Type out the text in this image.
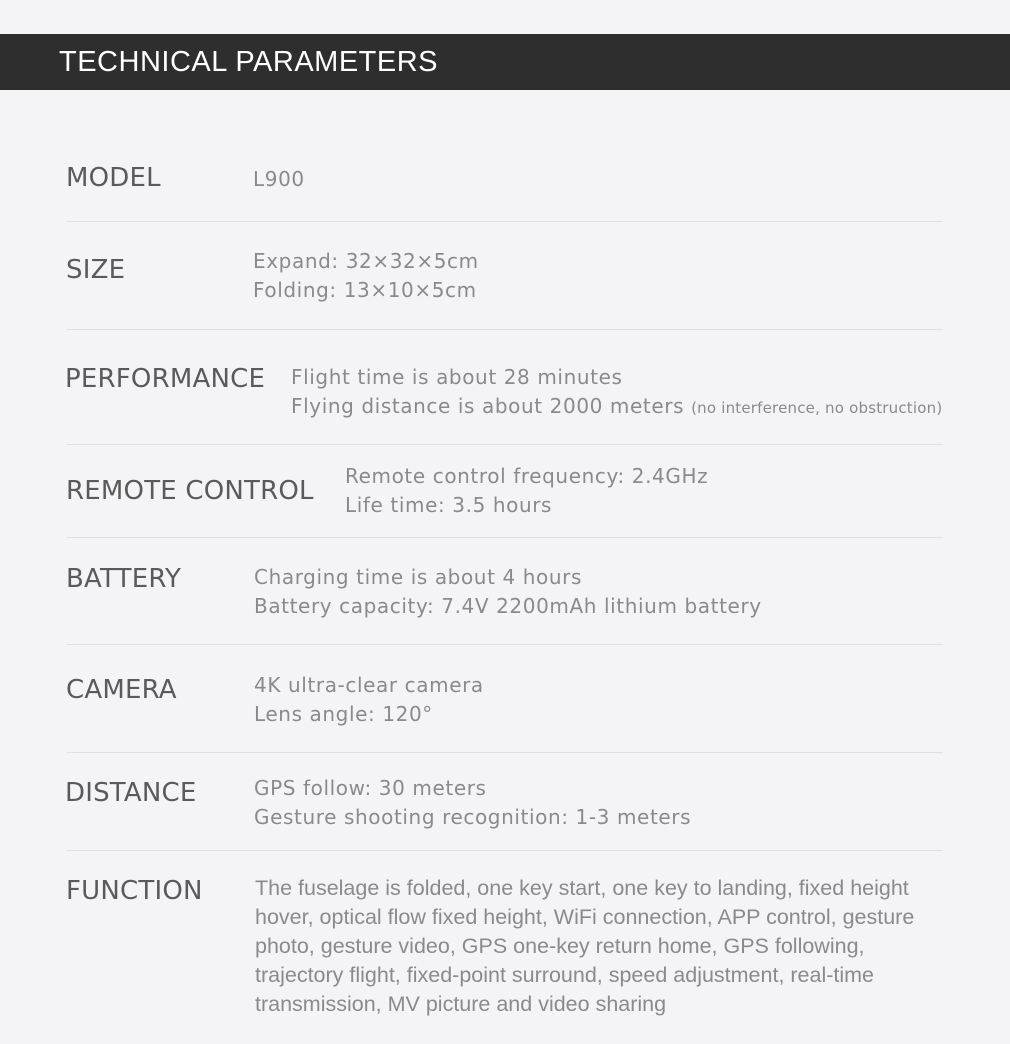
TECHNICAL PARAMETERS
MODEL	L900
SIZE	Expand: 32×32×5cm
Folding: 13×10×5cm
PERFORMANCE Flight time is about 28 minutes
Flying distance is about 2000 meters (no interference, no obstruction)
REMOTE CONTROL Remote control frequency: 2.4GHz
Life time: 3.5 hours
BATTERY	Charging time is about 4 hours
Battery capacity: 7.4V 2200mAh lithium battery
CAMERA	4K ultra-clear camera
Lens angle: 120°
DISTANCE	GPS follow: 30 meters
Gesture shooting recognition: 1-3 meters
FUNCTION The fuselage is folded, one key start, one key to landing, fixed height hover, optical flow fixed height, WiFi connection, APP control, gesture photo, gesture video, GPS one-key return home, GPS following, trajectory flight, fixed-point surround, speed adjustment, real-time transmission, MV picture and video sharing
